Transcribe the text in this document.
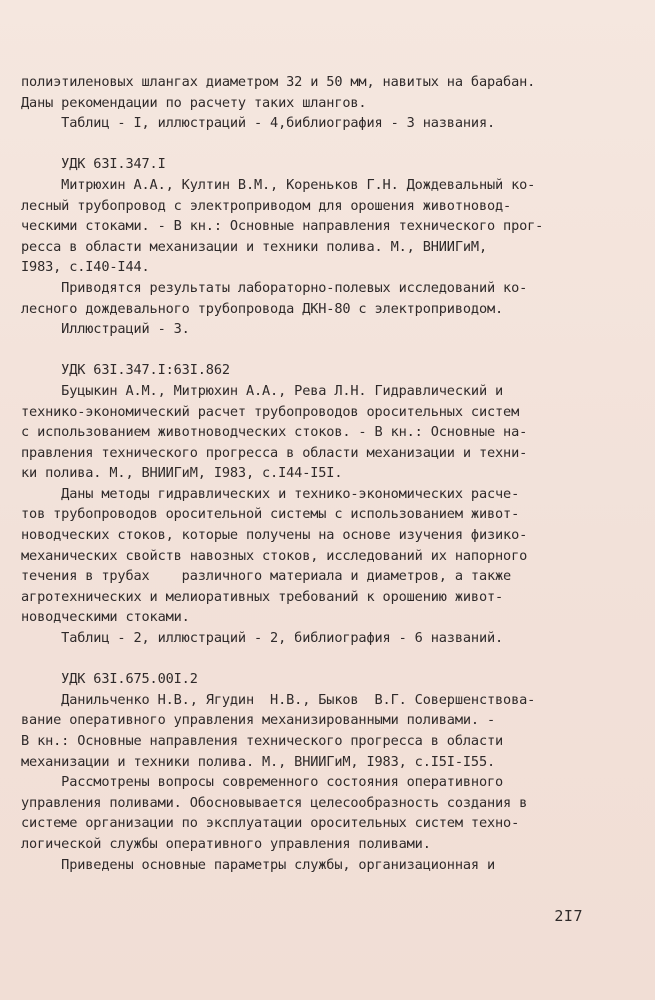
полиэтиленовых шлангах диаметром 32 и 50 мм, навитых на барабан.
Даны рекомендации по расчету таких шлангов.
Таблиц - I, иллюстраций - 4,библиография - 3 названия.
УДК 63I.347.I
Митрюхин А.А., Култин В.М., Кореньков Г.Н. Дождевальный ко-
лесный трубопровод с электроприводом для орошения животновод-
ческими стоками. - В кн.: Основные направления технического прог-
ресса в области механизации и техники полива. М., ВНИИГиМ,
I983, с.I40-I44.
Приводятся результаты лабораторно-полевых исследований ко-
лесного дождевального трубопровода ДКН-80 с электроприводом.
Иллюстраций - 3.
УДК 63I.347.I:63I.862
Буцыкин А.М., Митрюхин А.А., Рева Л.Н. Гидравлический и
технико-экономический расчет трубопроводов оросительных систем
с использованием животноводческих стоков. - В кн.: Основные на-
правления технического прогресса в области механизации и техни-
ки полива. М., ВНИИГиМ, I983, с.I44-I5I.
Даны методы гидравлических и технико-экономических расче-
тов трубопроводов оросительной системы с использованием живот-
новодческих стоков, которые получены на основе изучения физико-
механических свойств навозных стоков, исследований их напорного
течения в трубах    различного материала и диаметров, а также
агротехнических и мелиоративных требований к орошению живот-
новодческими стоками.
Таблиц - 2, иллюстраций - 2, библиография - 6 названий.
УДК 63I.675.00I.2
Данильченко Н.В., Ягудин  Н.В., Быков  В.Г. Совершенствова-
вание оперативного управления механизированными поливами. -
В кн.: Основные направления технического прогресса в области
механизации и техники полива. М., ВНИИГиМ, I983, с.I5I-I55.
Рассмотрены вопросы современного состояния оперативного
управления поливами. Обосновывается целесообразность создания в
системе организации по эксплуатации оросительных систем техно-
логической службы оперативного управления поливами.
Приведены основные параметры службы, организационная и
2I7
